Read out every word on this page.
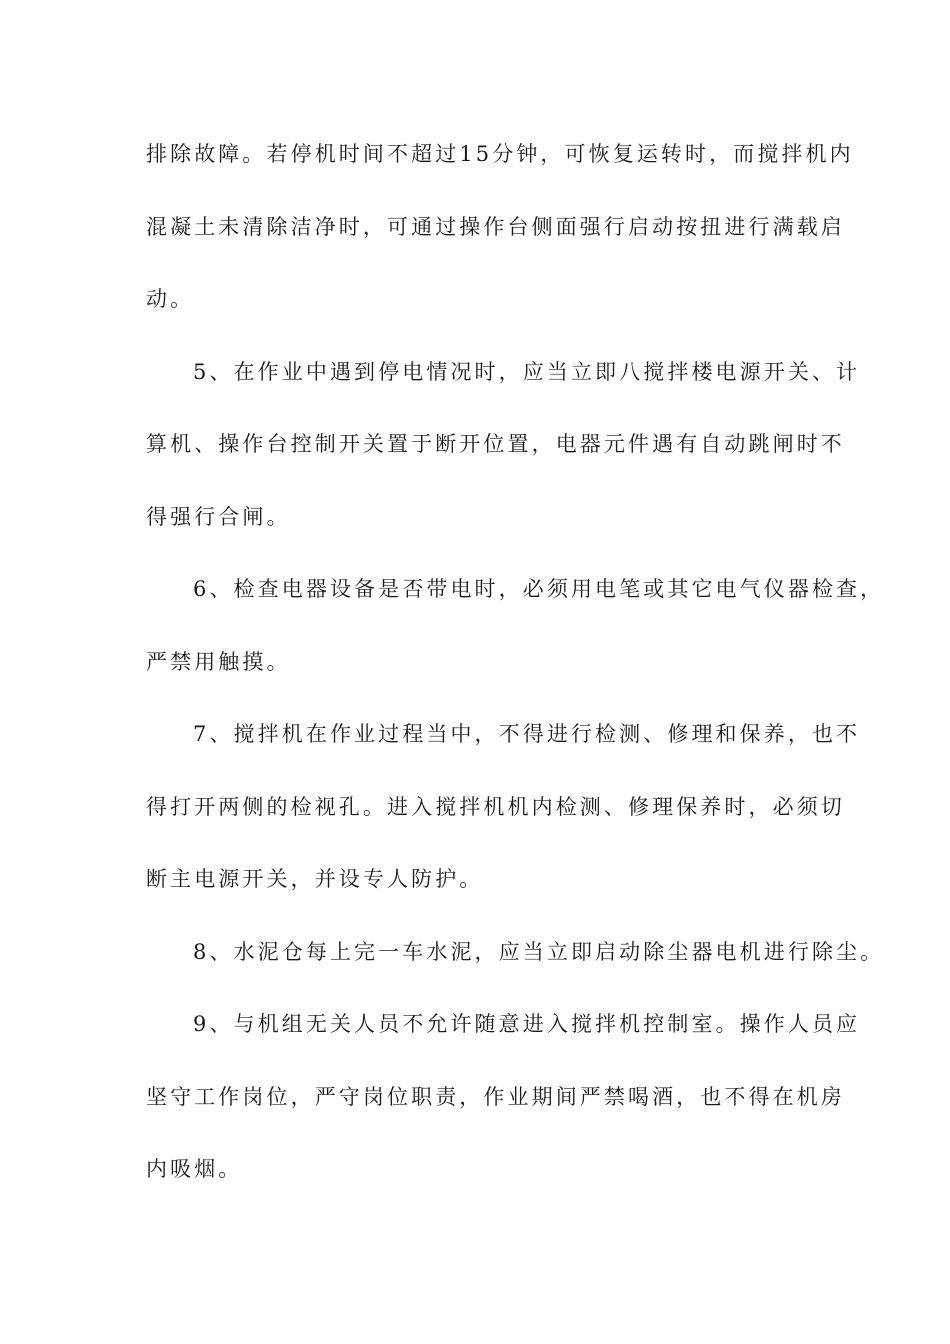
排除故障。若停机时间不超过15分钟，可恢复运转时，而搅拌机内
混凝土未清除洁净时，可通过操作台侧面强行启动按扭进行满载启
动。
5、在作业中遇到停电情况时，应当立即八搅拌楼电源开关、计
算机、操作台控制开关置于断开位置，电器元件遇有自动跳闸时不
得强行合闸。
6、检查电器设备是否带电时，必须用电笔或其它电气仪器检查，
严禁用触摸。
7、搅拌机在作业过程当中，不得进行检测、修理和保养，也不
得打开两侧的检视孔。进入搅拌机机内检测、修理保养时，必须切
断主电源开关，并设专人防护。
8、水泥仓每上完一车水泥，应当立即启动除尘器电机进行除尘。
9、与机组无关人员不允许随意进入搅拌机控制室。操作人员应
坚守工作岗位，严守岗位职责，作业期间严禁喝酒，也不得在机房
内吸烟。
